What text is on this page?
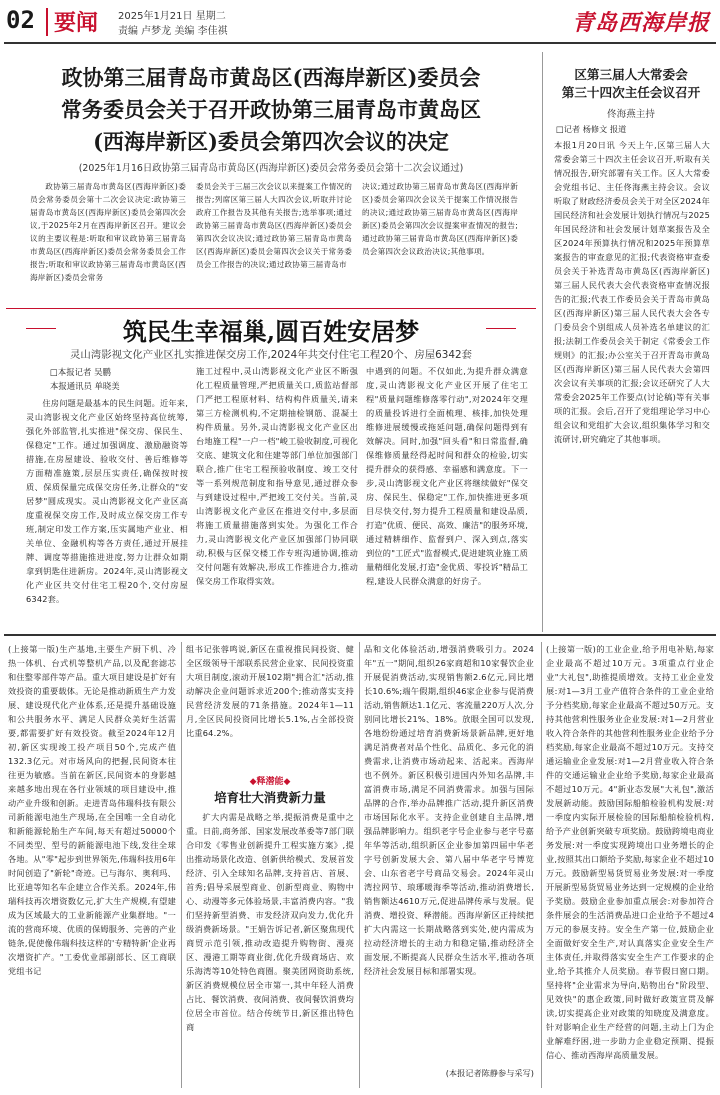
02 要闻 2025年1月21日 星期二
责编 卢梦龙 美编 李佳祺	青岛西海岸报
政协第三届青岛市黄岛区(西海岸新区)委员会
常务委员会关于召开政协第三届青岛市黄岛区
(西海岸新区)委员会第四次会议的决定
(2025年1月16日政协第三届青岛市黄岛区(西海岸新区)委员会常务委员会第十二次会议通过)

政协第三届青岛市黄岛区(西海岸新区)委员会常务委员会第十二次会议决定:政协第三届青岛市黄岛区(西海岸新区)委员会第四次会议,于2025年2月在西海岸新区召开。建议会议的主要议程是:听取和审议政协第三届青岛市黄岛区(西海岸新区)委员会常务委员会工作报告;听取和审议政协第三届青岛市黄岛区(西海岸新区)委员会常务

委员会关于三届三次会议以来提案工作情况的报告;列席区第三届人大四次会议,听取并讨论政府工作报告及其他有关报告;选举事项;通过政协第三届青岛市黄岛区(西海岸新区)委员会第四次会议决议;通过政协第三届青岛市黄岛区(西海岸新区)委员会第四次会议关于常务委员会工作报告的决议;通过政协第三届青岛市

决议;通过政协第三届青岛市黄岛区(西海岸新区)委员会第四次会议关于提案工作情况报告的决议;通过政协第三届青岛市黄岛区(西海岸新区)委员会第四次会议提案审查情况的报告;通过政协第三届青岛市黄岛区(西海岸新区)委员会第四次会议政治决议;其他事项。

筑民生幸福巢,圆百姓安居梦
灵山湾影视文化产业区扎实推进保交房工作,2024年共交付住宅工程20个、房屋6342套
□本报记者 吴鹏
本报通讯员 单晓美

住房问题是最基本的民生问题。近年来,灵山湾影视文化产业区始终坚持高位统筹,强化外部监管,扎实推进"保交房、保民生、保稳定"工作。通过加强调度、激励融资等措施,在房屋建设、验收交付、善后维修等方面精准施策,层层压实责任,确保按时按质、保质保量完成保交房任务,让群众的"安居梦"圆成现实。灵山湾影视文化产业区高度重视保交房工作,及时成立保交房工作专班,制定印发工作方案,压实属地产业业、相关单位、金融机构等各方责任,通过开展挂牌、调度等措施推进进度,努力让群众如期拿到钥匙住进新房。2024年,灵山湾影视文化产业区共交付住宅工程20个,交付房屋6342套。

施工过程中,灵山湾影视文化产业区不断强化工程质量管理,严把质量关口,质监站督部门严把工程原材料、结构构件质量关,请来第三方检测机构,不定期抽检钢筋、混凝土构件质量。另外,灵山湾影视文化产业区出台地施工程"一户一档"峻工验收制度,可视化交底、建筑文化和住建等部门单位加强部门联合,推广住宅工程预验收制度、竣工交付等一系列规范制度和指导意见,通过群众参与到建设过程中,严把竣工交付关。当前,灵山湾影视文化产业区在推进交付中,多层面将施工质量措施落到实处。为强化工作合力,灵山湾影视文化产业区加强部门协同联动,积极与区保交楼工作专班沟通协调,推动交付问题有效解决,形成工作推进合力,推动保交房工作取得实效。

中遇到的问题。不仅如此,为提升群众满意度,灵山湾影视文化产业区开展了住宅工程"质量问题维修落零行动",对2024年交理的质量投诉进行全面梳理、核排,加快处理维修进展缓慢或拖延问题,确保问题得到有效解决。同时,加强"回头看"和日常监督,确保维修质量经得起时间和群众的检验,切实提升群众的获得感、幸福感和满意度。下一步,灵山湾影视文化产业区将继续做好"保交房、保民生、保稳定"工作,加快推进更多项目尽快交付,努力提升工程质量和建设品质,打造"优质、便民、高效、廉洁"的服务环境,通过精耕细作、监督到户、深入到点,落实到位的"工匠式"监督模式,促进建筑业施工质量精细化发展,打造"金优质、零投诉"精品工程,建设人民群众满意的好房子。

区第三届人大常委会
第三十四次主任会议召开
佟海燕主持
□记者 杨修文 报道

本报1月20日讯 今天上午,区第三届人大常委会第三十四次主任会议召开,听取有关情况报告,研究部署有关工作。区人大常委会党组书记、主任佟海燕主持会议。会议听取了财政经济委员会关于对全区2024年国民经济和社会发展计划执行情况与2025年国民经济和社会发展计划草案报告及全区2024年预算执行情况和2025年预算草案报告的审查意见的汇报;代表资格审查委员会关于补选青岛市黄岛区(西海岸新区)第三届人民代表大会代表资格审查情况报告的汇报;代表工作委员会关于青岛市黄岛区(西海岸新区)第三届人民代表大会各专门委员会个别组成人员补选名单建议的汇报;法制工作委员会关于制定《常委会工作规则》的汇报;办公室关于召开青岛市黄岛区(西海岸新区)第三届人民代表大会第四次会议有关事项的汇报;会议还研究了人大常委会2025年工作要点(讨论稿)等有关事项的汇报。会后,召开了党组理论学习中心组会议和党组扩大会议,组织集体学习和交流研讨,研究确定了其他事项。

(上接第一版)生产基地,主要生产厨下机、冷热一体机、台式机等整机产品,以及配套滤芯和住整零部件等产品。重大项目建设是扩好有效投资的重要载体。无论是推动新质生产力发展、建设现代化产业体系,还是提升基础设施和公共服务水平、满足人民群众美好生活需要,都需要扩好有效投资。截至2024年12月初,新区实现竣工投产项目50个,完成产值132.3亿元。对市场风向的把握,民间资本往往更为敏感。当前在新区,民间资本的身影越来越多地出现在各行业领域的项目建设中,推动产业升级和创新。走进青岛伟瑞科技有限公司新能源电池生产现场,在全国唯一全自动化和新能源轮胎生产车间,每天有超过50000个不同类型、型号的新能源电池下线,发往全球各地。从"零"起步到世界领先,伟瑞科技用6年时间创造了"新轮"奇迹。已与海尔、奥利玛、比亚迪等知名车企建立合作关系。2024年,伟瑞科技再次增资数亿元,扩大生产规模,有望建成为区域最大的工业新能源产业集群地。"一流的营商环境、优质的保姆服务、完善的产业链条,促使像伟瑞科技这样的'专精特新'企业再次增资扩产。"工委优业部副部长、区工商联党组书记

组书记张蓉鸣说,新区在重视推民间投资、健全区级领导干部联系民营企业家、民间投资重大项目制度,滚动开展102期"拥合汇"活动,推动解决企业问题诉求近200个;推动落实支持民营经济发展的71条措施。2024年1—11月,全区民间投资同比增长5.1%,占全部投资比重64.2%。

◆释潜能◆
培育壮大消费新力量

扩大内需是战略之举,提振消费是重中之重。日前,商务部、国家发展改革委等7部门联合印发《零售业创新提升工程实施方案》,提出推动场景化改造、创新供给模式、发展首发经济、引入全球知名品牌,支持首店、首展、首秀;倡导采展型商业、创新型商业、购物中心、动漫等多元体验场景,丰富消费内容。"我们坚持新型消费、市发经济双向发力,优化升级消费新场景。"王娟告诉记者,新区聚焦现代商贸示范引领,推动改造提升购物街、漫亮区、漫港工期等商业街,优化升级商场店、欢乐海湾等10处特色商圈。聚美团网资助系统,新区消费规模位居全市第一,其中年轻人消费占比、餐饮消费、夜间消费、夜间餐饮消费均位居全市首位。结合传统节日,新区推出特色商

品和文化体验活动,增强消费吸引力。2024年"五一"期间,组织26家商超和10家餐饮企业开展促消费活动,实现销售额2.6亿元,同比增长10.6%;端午假期,组织46家企业参与促消费活动,销售额达1.1亿元、客流量220万人次,分别同比增长21%、18%。放眼全国可以发现,各地纷纷通过培育消费新场景新品牌,更好地满足消费者对品个性化、品质化、多元化的消费需求,让消费市场动起来、活起来。西海岸也不例外。新区积极引进国内外知名品牌,丰富消费市场,满足不同消费需求。加强与国际品牌的合作,举办品牌推广活动,提升新区消费市场国际化水平。支持企业创建自主品牌,增强品牌影响力。组织老字号企业参与老字号嘉年华等活动,组织新区企业参加第四届中华老字号创新发展大会、第八届中华老字号博览会、山东省老字号商品交易会。2024年灵山湾拉网节、琅琊暖海季等活动,推动消费增长,销售额达4610万元,促进品牌传承与发展。促消费、增投资、释潜能。西海岸新区正持续把扩大内需这一长期战略落到实处,使内需成为拉动经济增长的主动力和稳定锚,推动经济全面发展,不断提高人民群众生活水平,推动各项经济社会发展目标和部署实现。

(本报记者陈静参与采写)

(上接第一版)的工业企业,给予用电补贴,每家企业最高不超过10万元。3项重点行业企业"大礼包",助推提质增效。支持工业企业发展:对1—3月工业产值符合条件的工业企业给予分档奖励,每家企业最高不超过50万元。支持其他营利性服务业企业发展:对1—2月营业收入符合条件的其他营利性服务业企业给予分档奖励,每家企业最高不超过10万元。支持交通运输业企业发展:对1—2月营业收入符合条件的交通运输业企业给予奖励,每家企业最高不超过10万元。4"新业态发展"大礼包",激活发展新动能。鼓励国际船舶检验机构发展:对一季度内实际开展检验的国际船舶检验机构,给予产业创新突破专项奖励。鼓励跨境电商业务发展:对一季度实现跨境出口业务增长的企业,按照其出口额给予奖励,每家企业不超过10万元。鼓励新型易货贸易业务发展:对一季度开展新型易货贸易业务达到一定规模的企业给予奖励。鼓励企业参加重点展会:对参加符合条件展会的生活消费品进口企业给予不超过4万元的参展支持。安全生产第一位,鼓励企业全面做好安全生产,对认真落实企业安全生产主体责任,并取得落实安全生产工作要求的企业,给予其推介人员奖励。春节假日窗口期。坚持将"企业需求为导向,贴物出台"阶段型、见效快"的惠企政策,同时做好政策宣贯及解读,切实提高企业对政策的知晓度及满意度。针对影响企业生产经营的问题,主动上门为企业解难纾困,进一步助力企业稳定预期、提振信心、推动西海岸高质量发展。
